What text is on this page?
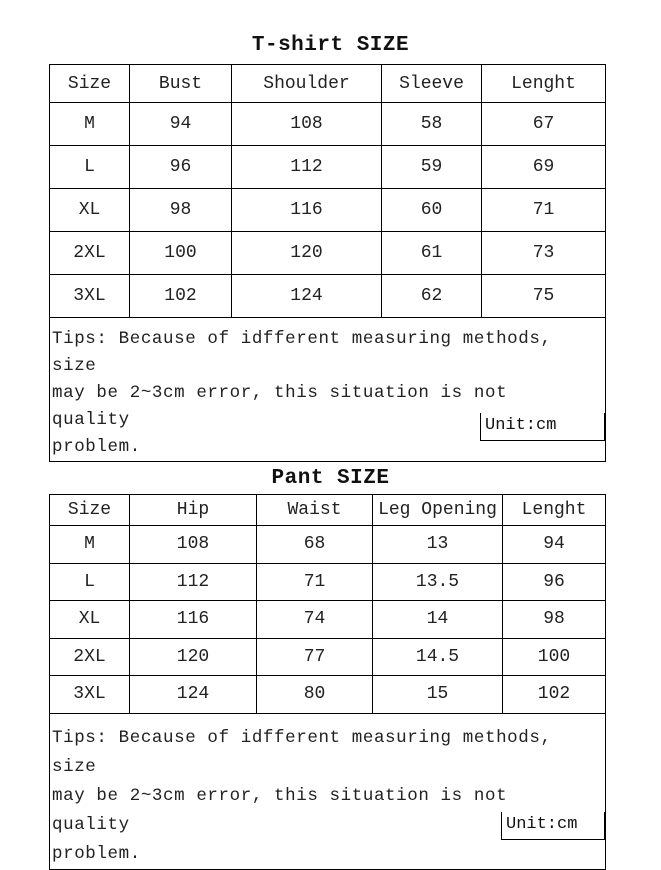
T-shirt SIZE
Size	Bust	Shoulder	Sleeve	Lenght
M	94	108	58	67
L	96	112	59	69
XL	98	116	60	71
2XL	100	120	61	73
3XL	102	124	62	75

Tips: Because of idfferent measuring methods, size
may be 2~3cm error, this situation is not quality
problem.				
Unit:cm
Pant SIZE
Size	Hip	Waist	Leg Opening	Lenght
M	108	68	13	94
L	112	71	13.5	96
XL	116	74	14	98
2XL	120	77	14.5	100
3XL	124	80	15	102

Tips: Because of idfferent measuring methods, size
may be 2~3cm error, this situation is not quality
problem.				
Unit:cm
